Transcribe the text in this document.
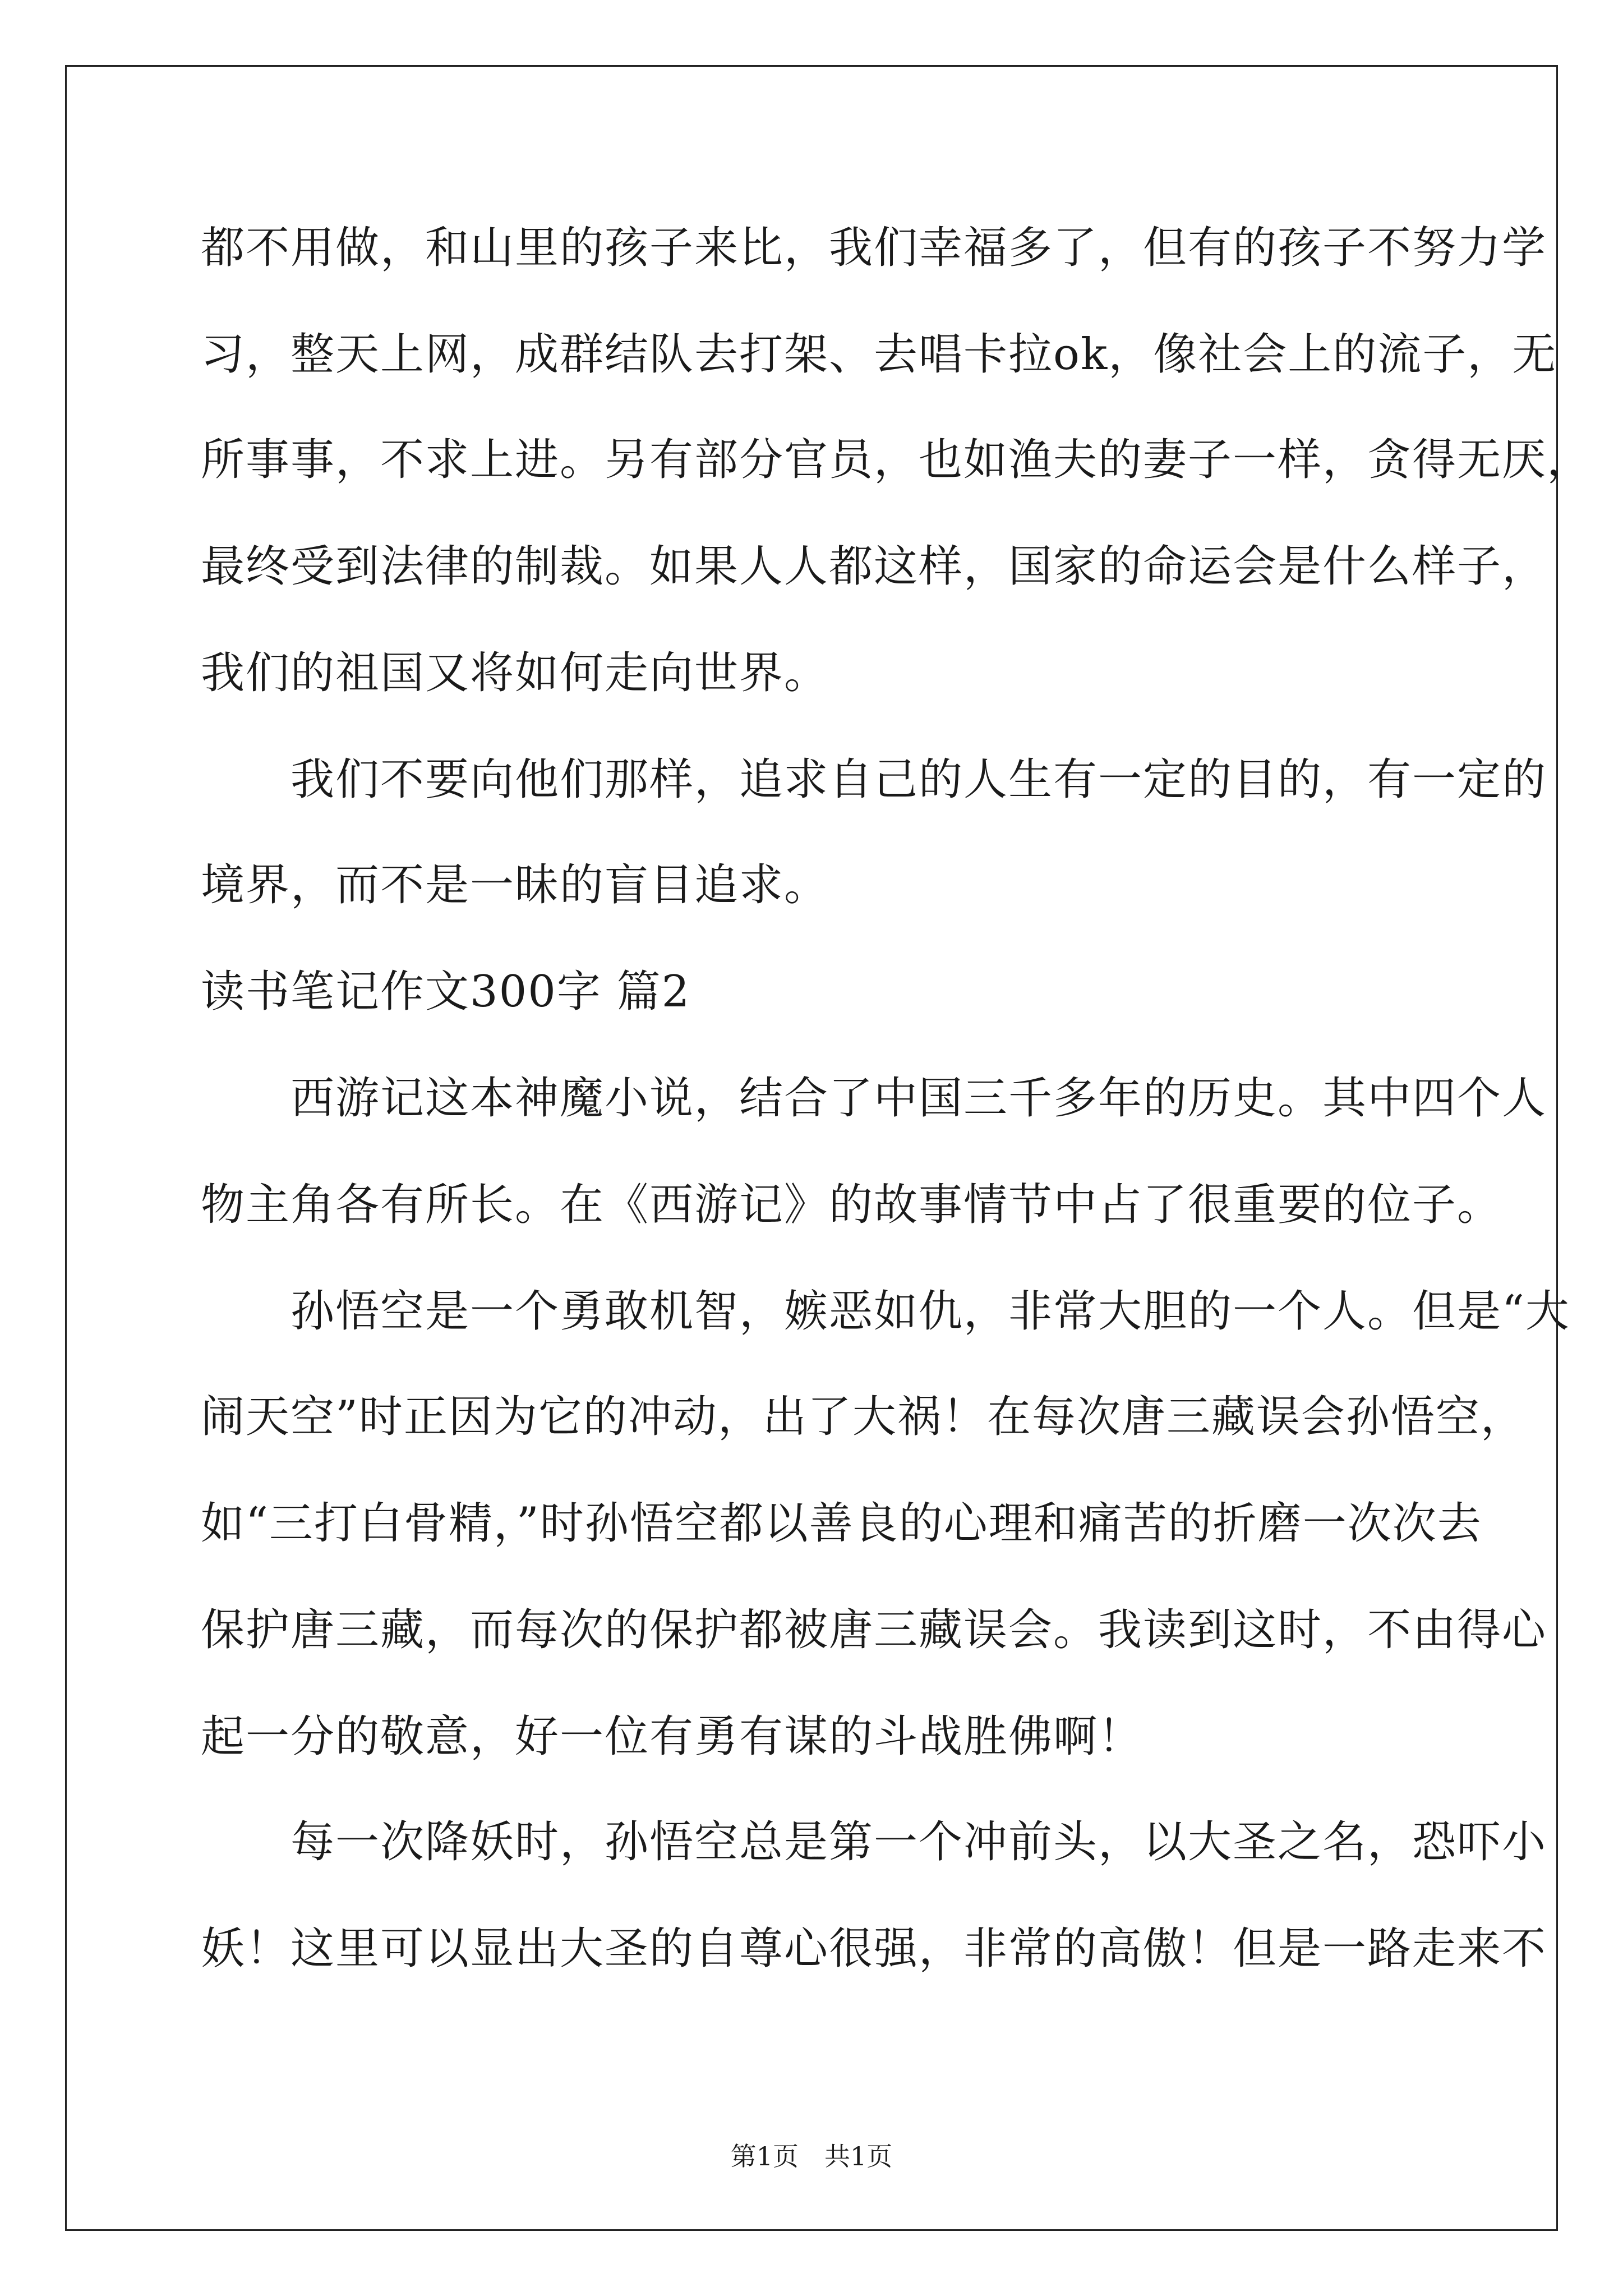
都不用做，和山里的孩子来比，我们幸福多了，但有的孩子不努力学
习，整天上网，成群结队去打架、去唱卡拉ok，像社会上的流子，无
所事事，不求上进。另有部分官员，也如渔夫的妻子一样，贪得无厌，
最终受到法律的制裁。如果人人都这样，国家的命运会是什么样子，
我们的祖国又将如何走向世界。
　　我们不要向他们那样，追求自己的人生有一定的目的，有一定的
境界，而不是一昧的盲目追求。
读书笔记作文300字 篇2
　　西游记这本神魔小说，结合了中国三千多年的历史。其中四个人
物主角各有所长。在《西游记》的故事情节中占了很重要的位子。
　　孙悟空是一个勇敢机智，嫉恶如仇，非常大胆的一个人。但是“大
闹天空”时正因为它的冲动，出了大祸！在每次唐三藏误会孙悟空，
如“三打白骨精，”时孙悟空都以善良的心理和痛苦的折磨一次次去
保护唐三藏，而每次的保护都被唐三藏误会。我读到这时，不由得心
起一分的敬意，好一位有勇有谋的斗战胜佛啊！
　　每一次降妖时，孙悟空总是第一个冲前头，以大圣之名，恐吓小
妖！这里可以显出大圣的自尊心很强，非常的高傲！但是一路走来不
第1页　共1页
